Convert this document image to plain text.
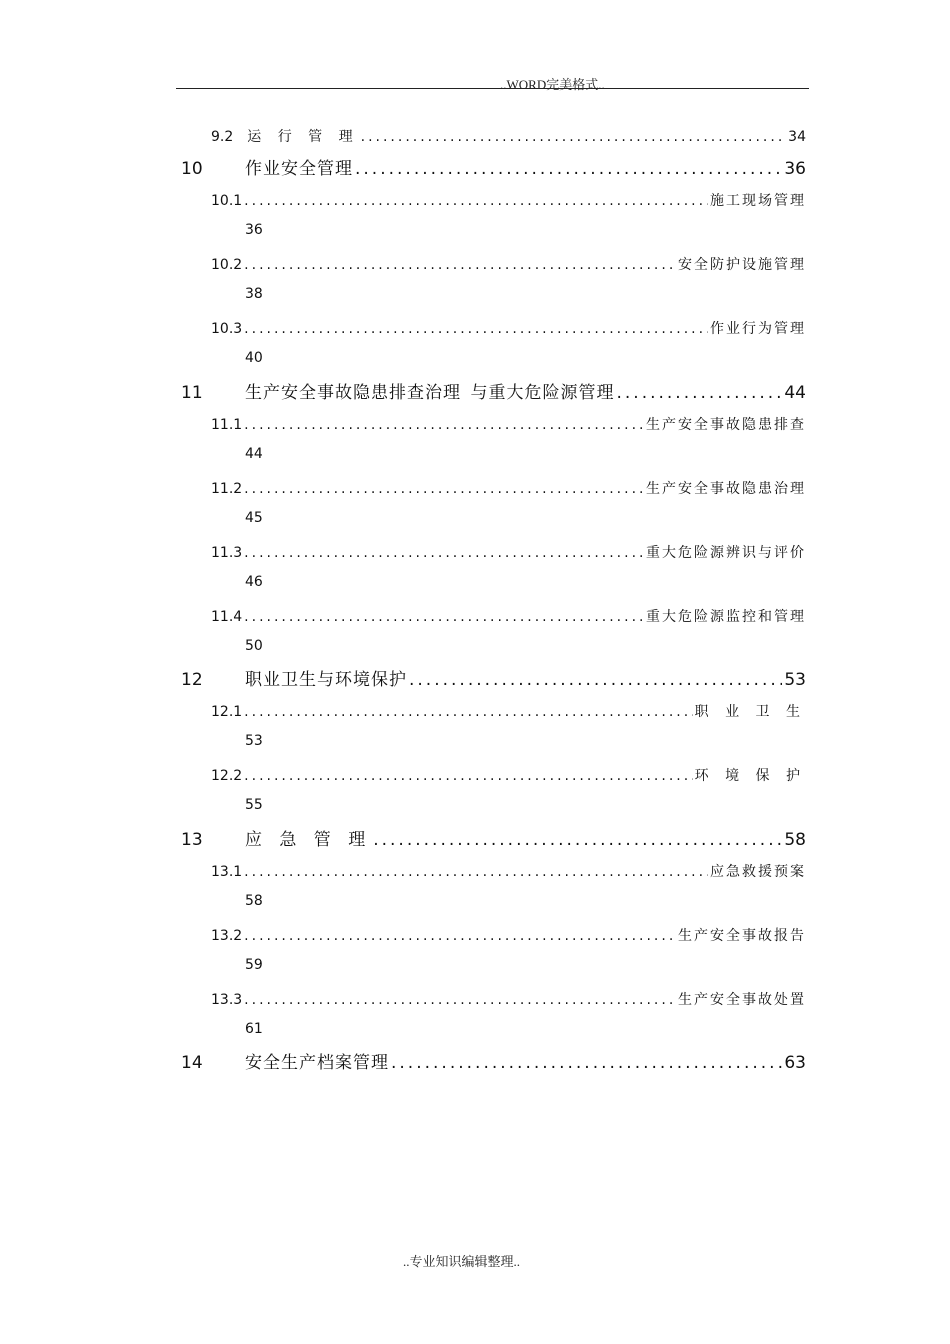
..WORD完美格式..
9.2 运 行 管 理 .....	34
10	作业安全管理 .....	36
10.1 .....	施工现场管理
36
10.2 .....	安全防护设施管理
38
10.3 .....	作业行为管理
40
11	生产安全事故隐患排查治理 与重大危险源管理 .....	44
11.1 .....	生产安全事故隐患排查
44
11.2 .....	生产安全事故隐患治理
45
11.3 .....	重大危险源辨识与评价
46
11.4 .....	重大危险源监控和管理
50
12	职业卫生与环境保护 .....	53
12.1 .....	职 业 卫 生
53
12.2 .....	环 境 保 护
55
13	应 急 管 理 .....	58
13.1 .....	应急救援预案
58
13.2 .....	生产安全事故报告
59
13.3 .....	生产安全事故处置
61
14	安全生产档案管理 .....	63
..专业知识编辑整理..
